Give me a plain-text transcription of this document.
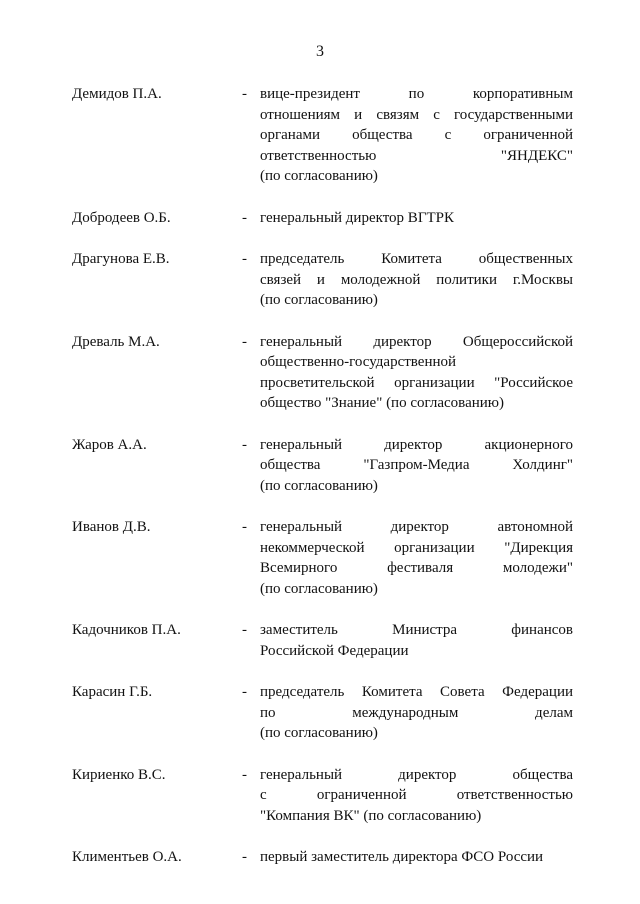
3
Демидов П.А.	- вице-президент по корпоративным
отношениям и связям с государственными
органами общества с ограниченной
ответственностью "ЯНДЕКС"
(по согласованию)
Добродеев О.Б.	- генеральный директор ВГТРК
Драгунова Е.В.	- председатель Комитета общественных
связей и молодежной политики г.Москвы
(по согласованию)
Древаль М.А.	- генеральный директор Общероссийской
общественно-государственной
просветительской организации "Российское
общество "Знание" (по согласованию)
Жаров А.А.	- генеральный директор акционерного
общества "Газпром-Медиа Холдинг"
(по согласованию)
Иванов Д.В.	- генеральный директор автономной
некоммерческой организации "Дирекция
Всемирного фестиваля молодежи"
(по согласованию)
Кадочников П.А.	- заместитель Министра финансов
Российской Федерации
Карасин Г.Б.	- председатель Комитета Совета Федерации
по международным делам
(по согласованию)
Кириенко В.С.	- генеральный директор общества
с ограниченной ответственностью
"Компания ВК" (по согласованию)
Климентьев О.А.	- первый заместитель директора ФСО России
